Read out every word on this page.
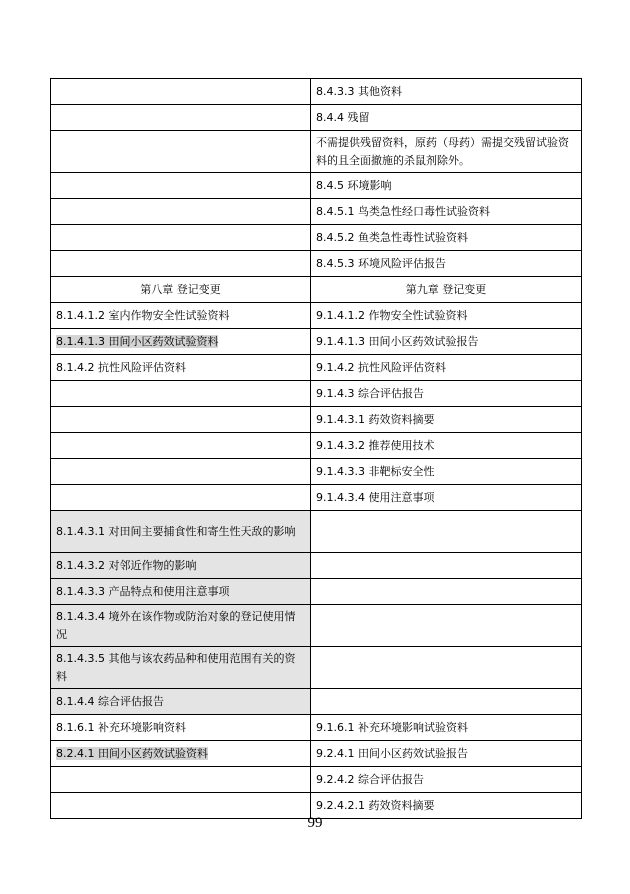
	8.4.3.3 其他资料
	8.4.4 残留
	不需提供残留资料，原药（母药）需提交残留试验资料的且全面撤施的杀鼠剂除外。
	8.4.5 环境影响
	8.4.5.1 鸟类急性经口毒性试验资料
	8.4.5.2 鱼类急性毒性试验资料
	8.4.5.3 环境风险评估报告
第八章 登记变更	第九章 登记变更
8.1.4.1.2 室内作物安全性试验资料	9.1.4.1.2 作物安全性试验资料
8.1.4.1.3 田间小区药效试验资料	9.1.4.1.3 田间小区药效试验报告
8.1.4.2 抗性风险评估资料	9.1.4.2 抗性风险评估资料
	9.1.4.3 综合评估报告
	9.1.4.3.1 药效资料摘要
	9.1.4.3.2 推荐使用技术
	9.1.4.3.3 非靶标安全性
	9.1.4.3.4 使用注意事项
8.1.4.3.1 对田间主要捕食性和寄生性天敌的影响	
8.1.4.3.2 对邻近作物的影响	
8.1.4.3.3 产品特点和使用注意事项	
8.1.4.3.4 境外在该作物或防治对象的登记使用情况	
8.1.4.3.5 其他与该农药品种和使用范围有关的资料	
8.1.4.4 综合评估报告	
8.1.6.1 补充环境影响资料	9.1.6.1 补充环境影响试验资料
8.2.4.1 田间小区药效试验资料	9.2.4.1 田间小区药效试验报告
	9.2.4.2 综合评估报告
	9.2.4.2.1 药效资料摘要
99
